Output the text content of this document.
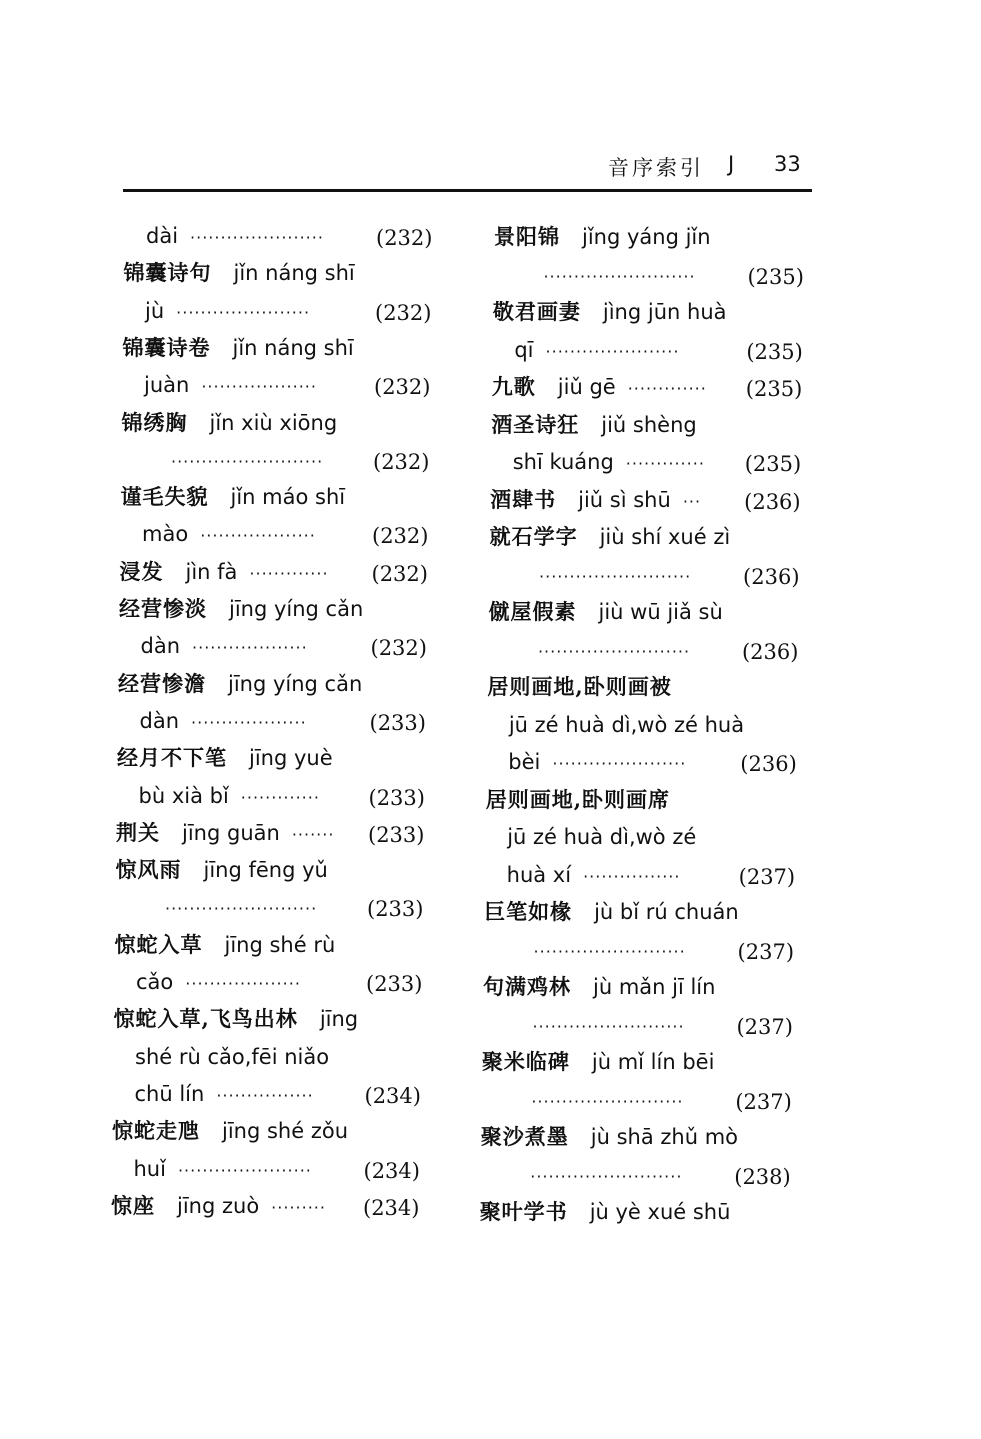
音序索引 J 33
dài ······················ (232)
锦囊诗句 jǐn náng shī
jù ······················	(232)
锦囊诗卷 jǐn náng shī
juàn ···················	(232)
锦绣胸 jǐn xiù xiōng
························· (232)
谨毛失貌 jǐn máo shī
mào ···················	(232)
浸发 jìn fà ············· (232)
经营惨淡 jīng yíng cǎn
dàn ···················	(232)
经营惨澹 jīng yíng cǎn
dàn ···················	(233)
经月不下笔 jīng yuè
bù xià bǐ ············· (233)
荆关 jīng guān ······· (233)
惊风雨 jīng fēng yǔ
························· (233)
惊蛇入草 jīng shé rù
cǎo ···················	(233)
惊蛇入草,飞鸟出林 jīng
shé rù cǎo,fēi niǎo
chū lín ················ (234)
惊蛇走虺 jīng shé zǒu
huǐ ······················ (234)
惊座 jīng zuò ········· (234)
景阳锦 jǐng yáng jǐn
························· (235)
敬君画妻 jìng jūn huà
qī ······················	(235)
九歌 jiǔ gē ············· (235)
酒圣诗狂 jiǔ shèng
shī kuáng ············· (235)
酒肆书 jiǔ sì shū ··· (236)
就石学字 jiù shí xué zì
························· (236)
僦屋假素 jiù wū jiǎ sù
························· (236)
居则画地,卧则画被
jū zé huà dì,wò zé huà
bèi ······················	(236)
居则画地,卧则画席
jū zé huà dì,wò zé
huà xí ················	(237)
巨笔如椽 jù bǐ rú chuán
························· (237)
句满鸡林 jù mǎn jī lín
························· (237)
聚米临碑 jù mǐ lín bēi
························· (237)
聚沙煮墨 jù shā zhǔ mò
························· (238)
聚叶学书 jù yè xué shū
